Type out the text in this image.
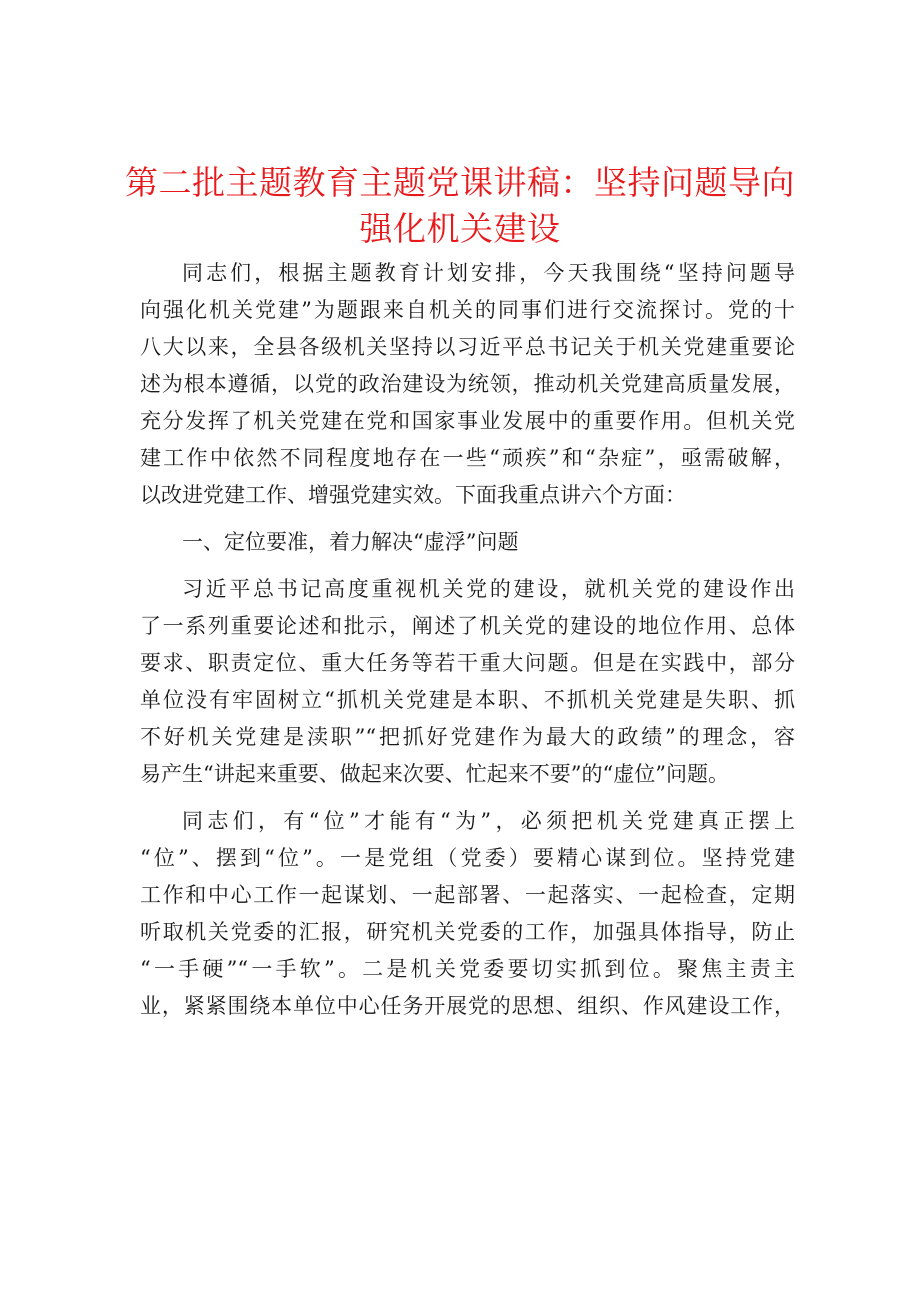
第二批主题教育主题党课讲稿：坚持问题导向
强化机关建设

同志们，根据主题教育计划安排，今天我围绕“坚持问题导
向强化机关党建”为题跟来自机关的同事们进行交流探讨。党的十
八大以来，全县各级机关坚持以习近平总书记关于机关党建重要论
述为根本遵循，以党的政治建设为统领，推动机关党建高质量发展，
充分发挥了机关党建在党和国家事业发展中的重要作用。但机关党
建工作中依然不同程度地存在一些“顽疾”和“杂症”，亟需破解，
以改进党建工作、增强党建实效。下面我重点讲六个方面：

一、定位要准，着力解决“虚浮”问题

习近平总书记高度重视机关党的建设，就机关党的建设作出
了一系列重要论述和批示，阐述了机关党的建设的地位作用、总体
要求、职责定位、重大任务等若干重大问题。但是在实践中，部分
单位没有牢固树立“抓机关党建是本职、不抓机关党建是失职、抓
不好机关党建是渎职”“把抓好党建作为最大的政绩”的理念，容
易产生“讲起来重要、做起来次要、忙起来不要”的“虚位”问题。

同志们，有“位”才能有“为”，必须把机关党建真正摆上
“位”、摆到“位”。一是党组（党委）要精心谋到位。坚持党建
工作和中心工作一起谋划、一起部署、一起落实、一起检查，定期
听取机关党委的汇报，研究机关党委的工作，加强具体指导，防止
“一手硬”“一手软”。二是机关党委要切实抓到位。聚焦主责主
业，紧紧围绕本单位中心任务开展党的思想、组织、作风建设工作，
